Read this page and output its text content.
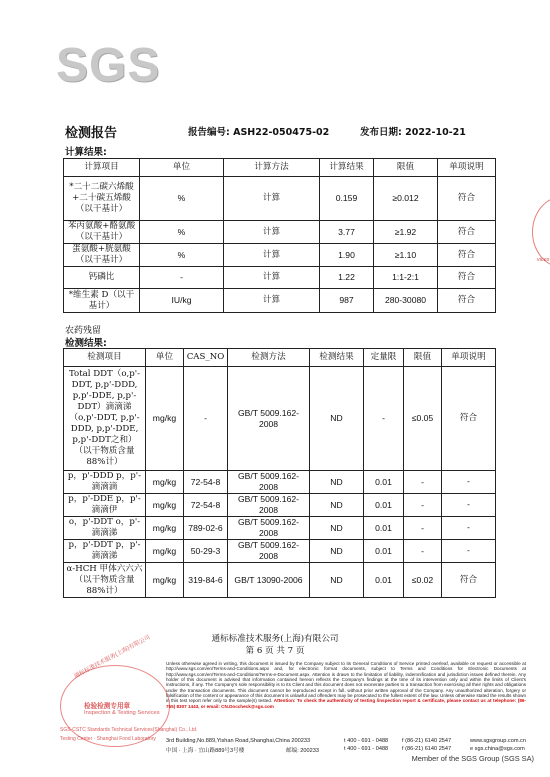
SGS
检测报告	报告编号: ASH22-050475-02	发布日期: 2022-10-21
计算结果:
计算项目	单位	计算方法	计算结果	限值	单项说明
*二十二碳六烯酸+二十碳五烯酸（以干基计）	%	计算	0.159	≥0.012	符合
苯丙氨酸+酪氨酸（以干基计）	%	计算	3.77	≥1.92	符合
蛋氨酸+胱氨酸（以干基计）	%	计算	1.90	≥1.10	符合
钙磷比	-	计算	1.22	1:1-2:1	符合
*维生素 D（以干基计）	IU/kg	计算	987	280-30080	符合
农药残留
检测结果:
检测项目	单位	CAS_NO	检测方法	检测结果	定量限	限值	单项说明
Total DDT（o,p'-DDT, p,p'-DDD, p,p'-DDE, p,p'-DDT）滴滴涕（o,p'-DDT, p,p'-DDD, p,p'-DDE, p,p'-DDT之和）（以干物质含量88%计）	mg/kg	-	GB/T 5009.162-2008	ND	-	≤0.05	符合
p，p'-DDD p，p'-滴滴滴	mg/kg	72-54-8	GB/T 5009.162-2008	ND	0.01	-	-
p，p'-DDE p，p'-滴滴伊	mg/kg	72-54-8	GB/T 5009.162-2008	ND	0.01	-	-
o，p'-DDT o，p'-滴滴涕	mg/kg	789-02-6	GB/T 5009.162-2008	ND	0.01	-	-
p，p'-DDT p，p'-滴滴涕	mg/kg	50-29-3	GB/T 5009.162-2008	ND	0.01	-	-
α-HCH 甲体六六六（以干物质含量88%计）	mg/kg	319-84-6	GB/T 13090-2006	ND	0.01	≤0.02	符合
通标标准技术服务(上海)有限公司
第 6 页 共 7 页
通标标准技术服务(上海)有限公司
检验检测专用章
Inspection & Testing Services
SGS-CSTC Standards Technical Services(Shanghai) Co., Ltd.
Testing Center · Shanghai Food Laboratory
vices
Unless otherwise agreed in writing, this document is issued by the Company subject to its General Conditions of Service printed overleaf, available on request or accessible at http://www.sgs.com/en/Terms-and-Conditions.aspx and, for electronic format documents, subject to Terms and Conditions for Electronic Documents at http://www.sgs.com/en/Terms-and-Conditions/Terms-e-Document.aspx. Attention is drawn to the limitation of liability, indemnification and jurisdiction issues defined therein. Any holder of this document is advised that information contained hereon reflects the Company's findings at the time of its intervention only and within the limits of Client's instructions, if any. The Company's sole responsibility is to its Client and this document does not exonerate parties to a transaction from exercising all their rights and obligations under the transaction documents. This document cannot be reproduced except in full, without prior written approval of the Company. Any unauthorized alteration, forgery or falsification of the content or appearance of this document is unlawful and offenders may be prosecuted to the fullest extent of the law. Unless otherwise stated the results shown in this test report refer only to the sample(s) tested. Attention: To check the authenticity of testing /inspection report & certificate, please contact us at telephone: (86-755) 8307 1443, or email: CN.Doccheck@sgs.com
3rd Building,No.889,Yishan Road,Shanghai,China 200233	t 400 - 691 - 0488 f (86-21) 6140 2547	www.sgsgroup.com.cn
中国 · 上海 · 宜山路889号3号楼	邮编: 200233	t 400 - 691 - 0488 f (86-21) 6140 2547	e sgs.china@sgs.com
Member of the SGS Group (SGS SA)
